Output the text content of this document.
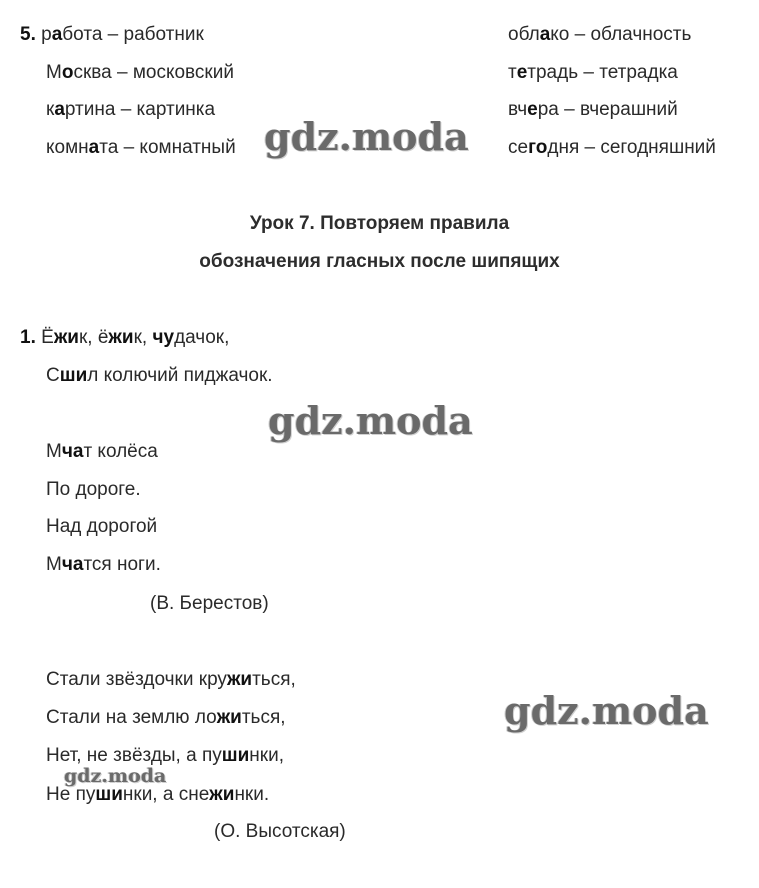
5. работа – работник
Москва – московский
картина – картинка
комната – комнатный
облако – облачность
тетрадь – тетрадка
вчера – вчерашний
сегодня – сегодняшний
gdz.moda
Урок 7. Повторяем правила
обозначения гласных после шипящих
1. Ёжик, ёжик, чудачок,
Сшил колючий пиджачок.
gdz.moda
Мчат колёса
По дороге.
Над дорогой
Мчатся ноги.
(В. Берестов)
Стали звёздочки кружиться,
Стали на землю ложиться,
Нет, не звёзды, а пушинки,
Не пушинки, а снежинки.
(О. Высотская)
gdz.moda
gdz.moda
